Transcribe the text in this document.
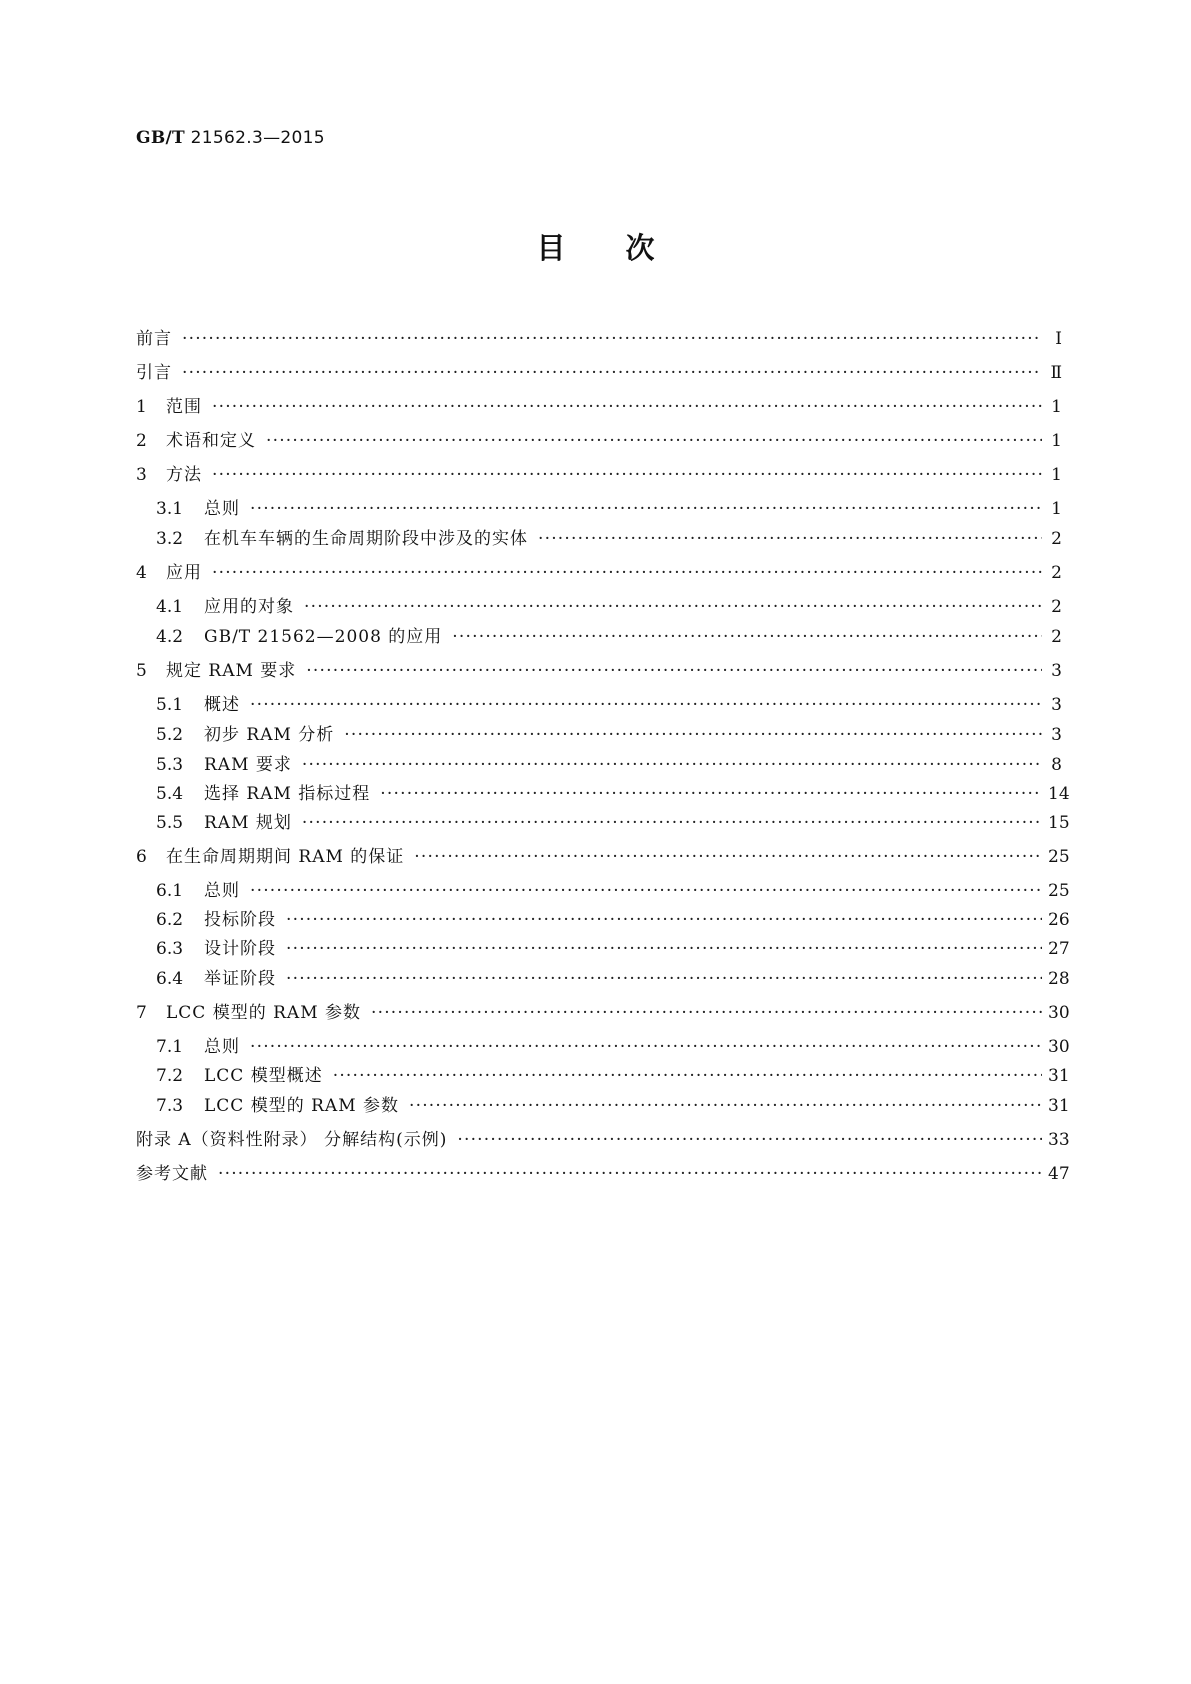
GB/T 21562.3—2015
目次
前言 ·····	Ⅰ
引言 ·····	Ⅱ
1	范围 ·····	1
2	术语和定义 ·····	1
3	方法 ·····	1
3.1	总则 ·····	1
3.2	在机车车辆的生命周期阶段中涉及的实体 ·····	2
4	应用 ·····	2
4.1	应用的对象 ·····	2
4.2	GB/T 21562—2008 的应用 ·····	2
5	规定 RAM 要求 ·····	3
5.1	概述 ·····	3
5.2	初步 RAM 分析 ·····	3
5.3	RAM 要求 ·····	8
5.4	选择 RAM 指标过程 ·····	14
5.5	RAM 规划 ·····	15
6	在生命周期期间 RAM 的保证 ·····	25
6.1	总则 ·····	25
6.2	投标阶段 ·····	26
6.3	设计阶段 ·····	27
6.4	举证阶段 ·····	28
7	LCC 模型的 RAM 参数 ·····	30
7.1	总则 ·····	30
7.2	LCC 模型概述 ·····	31
7.3	LCC 模型的 RAM 参数 ·····	31
附录 A（资料性附录） 分解结构(示例) ·····	33
参考文献 ·····	47
